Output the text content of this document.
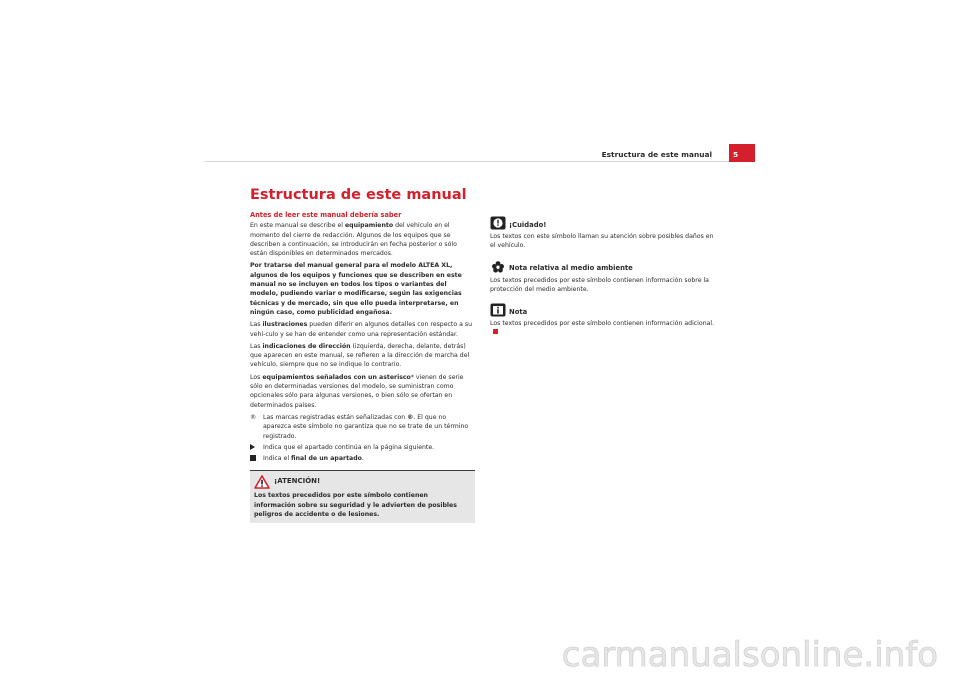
Estructura de este manual	5
Estructura de este manual
Antes de leer este manual debería saber

En este manual se describe el equipamiento del vehículo en el momento del cierre de redacción. Algunos de los equipos que se describen a continuación, se introducirán en fecha posterior o sólo están disponibles en determinados mercados.

Por tratarse del manual general para el modelo ALTEA XL, algunos de los equipos y funciones que se describen en este manual no se incluyen en todos los tipos o variantes del modelo, pudiendo variar o modificarse, según las exigencias técnicas y de mercado, sin que ello pueda interpretarse, en ningún caso, como publicidad engañosa.

Las ilustraciones pueden diferir en algunos detalles con respecto a su vehí-culo y se han de entender como una representación estándar.

Las indicaciones de dirección (izquierda, derecha, delante, detrás) que aparecen en este manual, se refieren a la dirección de marcha del vehículo, siempre que no se indique lo contrario.

Los equipamientos señalados con un asterisco* vienen de serie sólo en determinadas versiones del modelo, se suministran como opcionales sólo para algunas versiones, o bien sólo se ofertan en determinados países.

® Las marcas registradas están señalizadas con ®. El que no aparezca este símbolo no garantiza que no se trate de un término registrado.
Indica que el apartado continúa en la página siguiente.
Indica el final de un apartado.
¡ATENCIÓN!
Los textos precedidos por este símbolo contienen información sobre su seguridad y le advierten de posibles peligros de accidente o de lesiones.
¡Cuidado!
Los textos con este símbolo llaman su atención sobre posibles daños en el vehículo.
Nota relativa al medio ambiente
Los textos precedidos por este símbolo contienen información sobre la protección del medio ambiente.
Nota
Los textos precedidos por este símbolo contienen información adicional.
carmanualsonline.info
